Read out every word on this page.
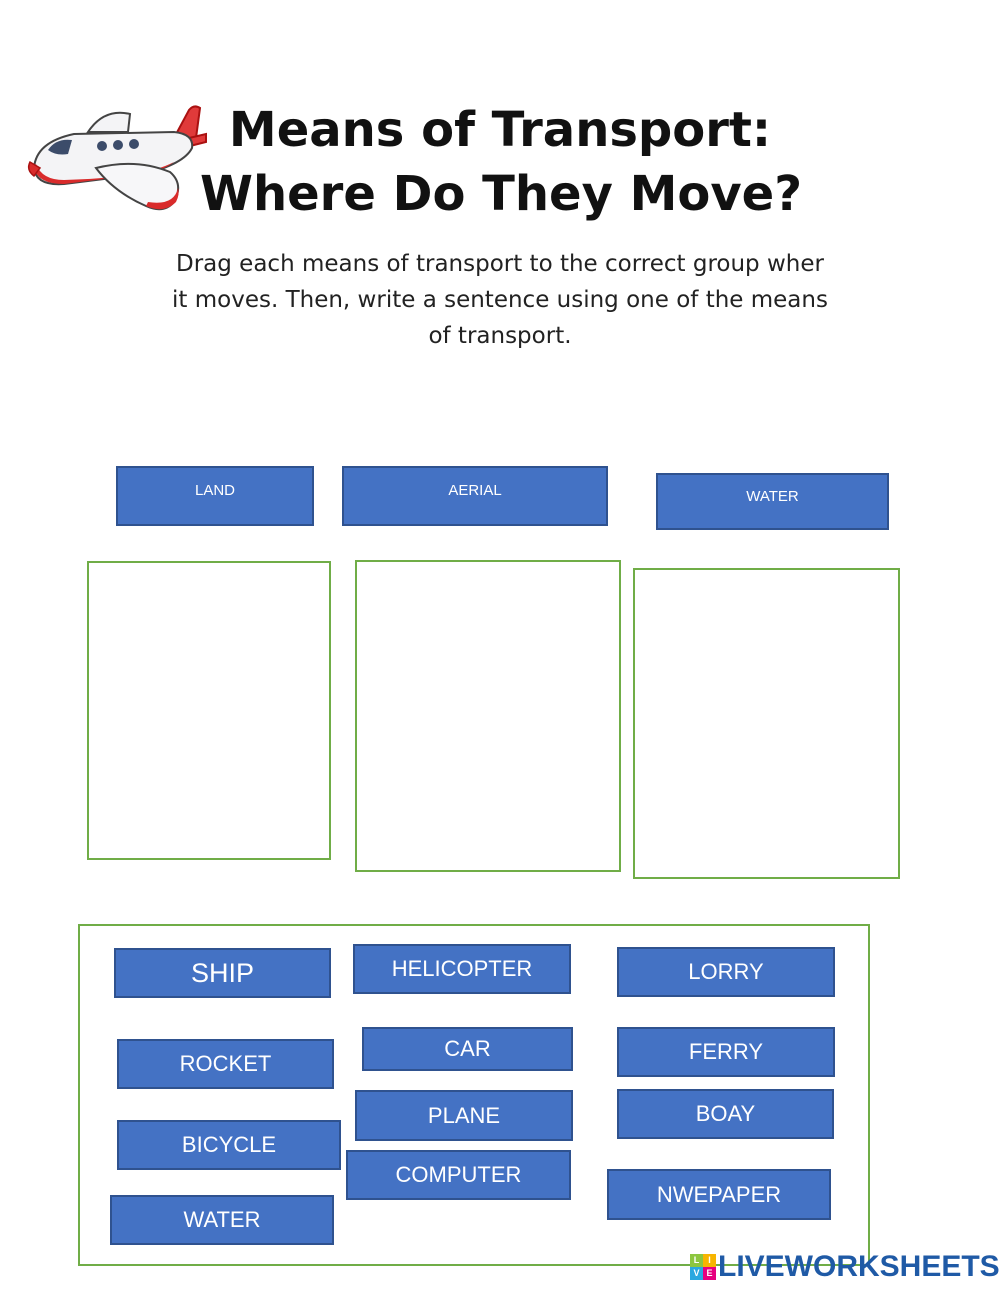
Means of Transport:
Where Do They Move?
Drag each means of transport to the correct group wher
it moves. Then, write a sentence using one of the means
of transport.
LAND	AERIAL	WATER
SHIP	HELICOPTER	LORRY
ROCKET
CAR	FERRY
PLANE	BOAY
BICYCLE
COMPUTER
NWEPAPER
WATER
L I
V E LIVEWORKSHEETS
